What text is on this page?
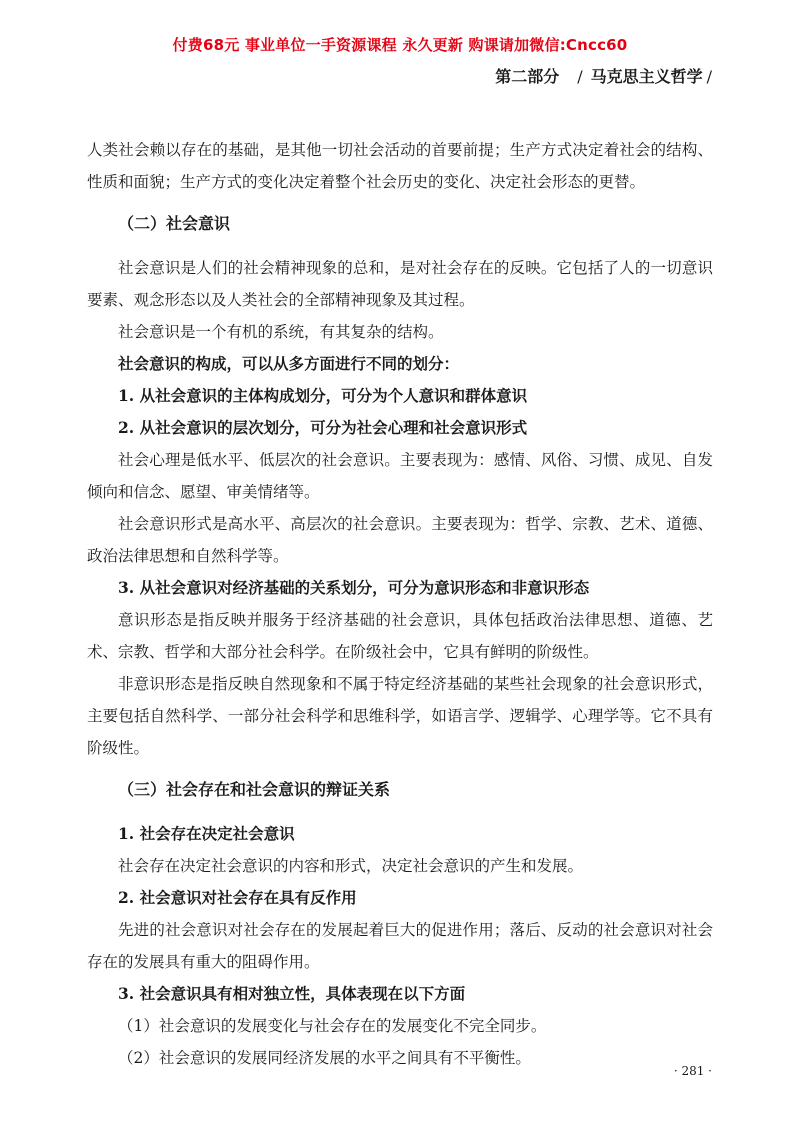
付费68元 事业单位一手资源课程 永久更新 购课请加微信:Cncc60
第二部分 / 马克思主义哲学 /

人类社会赖以存在的基础，是其他一切社会活动的首要前提；生产方式决定着社会的结构、性质和面貌；生产方式的变化决定着整个社会历史的变化、决定社会形态的更替。

（二）社会意识

社会意识是人们的社会精神现象的总和，是对社会存在的反映。它包括了人的一切意识要素、观念形态以及人类社会的全部精神现象及其过程。

社会意识是一个有机的系统，有其复杂的结构。

社会意识的构成，可以从多方面进行不同的划分：

1. 从社会意识的主体构成划分，可分为个人意识和群体意识

2. 从社会意识的层次划分，可分为社会心理和社会意识形式

社会心理是低水平、低层次的社会意识。主要表现为：感情、风俗、习惯、成见、自发倾向和信念、愿望、审美情绪等。

社会意识形式是高水平、高层次的社会意识。主要表现为：哲学、宗教、艺术、道德、政治法律思想和自然科学等。

3. 从社会意识对经济基础的关系划分，可分为意识形态和非意识形态

意识形态是指反映并服务于经济基础的社会意识，具体包括政治法律思想、道德、艺术、宗教、哲学和大部分社会科学。在阶级社会中，它具有鲜明的阶级性。

非意识形态是指反映自然现象和不属于特定经济基础的某些社会现象的社会意识形式，主要包括自然科学、一部分社会科学和思维科学，如语言学、逻辑学、心理学等。它不具有阶级性。

（三）社会存在和社会意识的辩证关系

1. 社会存在决定社会意识

社会存在决定社会意识的内容和形式，决定社会意识的产生和发展。

2. 社会意识对社会存在具有反作用

先进的社会意识对社会存在的发展起着巨大的促进作用；落后、反动的社会意识对社会存在的发展具有重大的阻碍作用。

3. 社会意识具有相对独立性，具体表现在以下方面

（1）社会意识的发展变化与社会存在的发展变化不完全同步。

（2）社会意识的发展同经济发展的水平之间具有不平衡性。

· 281 ·
